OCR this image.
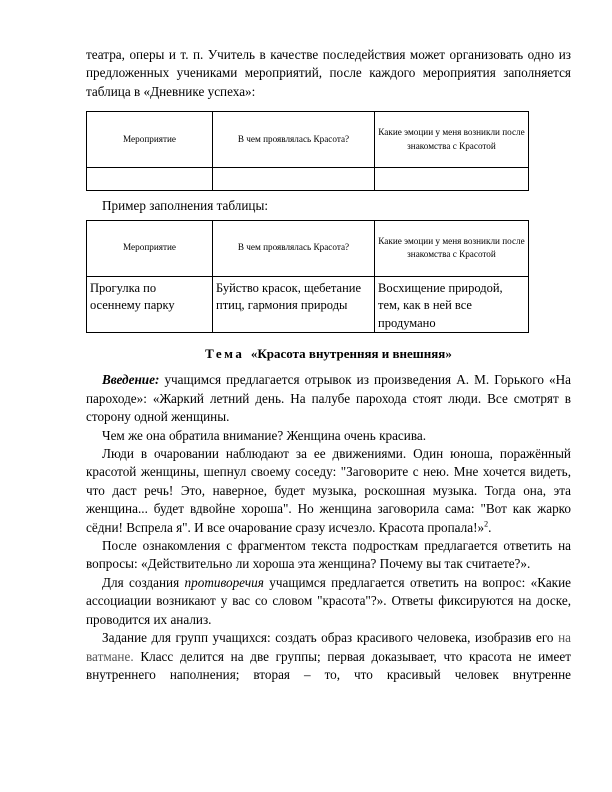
театра, оперы и т. п. Учитель в качестве последействия может организовать одно из предложенных учениками мероприятий, после каждого мероприятия заполняется таблица в «Дневнике успеха»:

Мероприятие	В чем проявлялась Красота?	Какие эмоции у меня возникли после знакомства с Красотой

Пример заполнения таблицы:

Мероприятие	В чем проявлялась Красота?	Какие эмоции у меня возникли после знакомства с Красотой
Прогулка по осеннему парку	Буйство красок, щебетание птиц, гармония природы	Восхищение природой, тем, как в ней все продумано
Тема «Красота внутренняя и внешняя»

Введение: учащимся предлагается отрывок из произведения А. М. Горького «На пароходе»: «Жаркий летний день. На палубе парохода стоят люди. Все смотрят в сторону одной женщины.

Чем же она обратила внимание? Женщина очень красива.

Люди в очаровании наблюдают за ее движениями. Один юноша, поражённый красотой женщины, шепнул своему соседу: "Заговорите с нею. Мне хочется видеть, что даст речь! Это, наверное, будет музыка, роскошная музыка. Тогда она, эта женщина... будет вдвойне хороша". Но женщина заговорила сама: "Вот как жарко сёдни! Вспрела я". И все очарование сразу исчезло. Красота пропала!»$^2$.

После ознакомления с фрагментом текста подросткам предлагается ответить на вопросы: «Действительно ли хороша эта женщина? Почему вы так считаете?».

Для создания противоречия учащимся предлагается ответить на вопрос: «Какие ассоциации возникают у вас со словом "красота"?». Ответы фиксируются на доске, проводится их анализ.

Задание для групп учащихся: создать образ красивого человека, изобразив его на ватмане. Класс делится на две группы; первая доказывает, что красота не имеет внутреннего наполнения; вторая – то, что красивый человек внутренне
